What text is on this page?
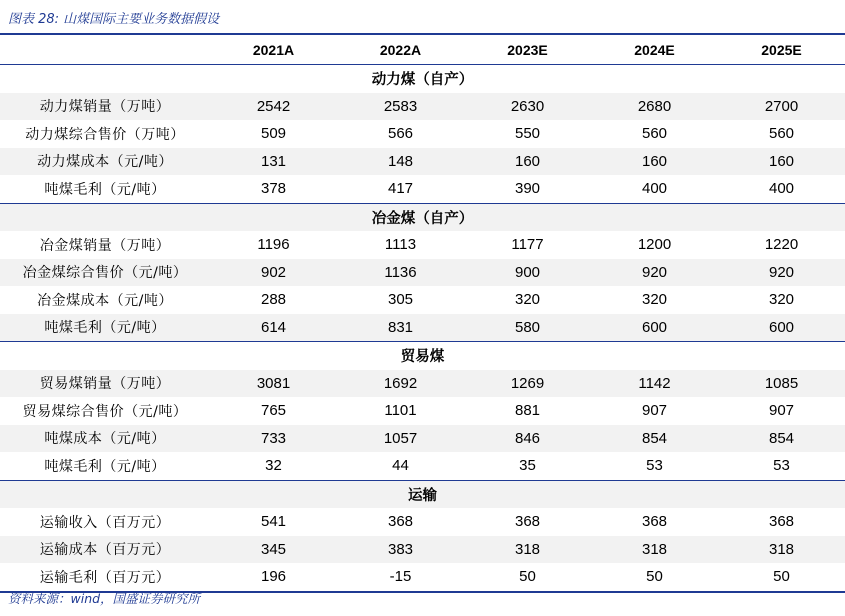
图表 28: 山煤国际主要业务数据假设
	2021A	2022A	2023E	2024E	2025E
动力煤（自产）					
动力煤销量（万吨）	2542	2583	2630	2680	2700
动力煤综合售价（万吨）	509	566	550	560	560
动力煤成本（元/吨）	131	148	160	160	160
吨煤毛利（元/吨）	378	417	390	400	400
冶金煤（自产）					
冶金煤销量（万吨）	1196	1113	1177	1200	1220
冶金煤综合售价（元/吨）	902	1136	900	920	920
冶金煤成本（元/吨）	288	305	320	320	320
吨煤毛利（元/吨）	614	831	580	600	600
贸易煤					
贸易煤销量（万吨）	3081	1692	1269	1142	1085
贸易煤综合售价（元/吨）	765	1101	881	907	907
吨煤成本（元/吨）	733	1057	846	854	854
吨煤毛利（元/吨）	32	44	35	53	53
运输					
运输收入（百万元）	541	368	368	368	368
运输成本（百万元）	345	383	318	318	318
运输毛利（百万元）	196	-15	50	50	50
资料来源：wind，国盛证券研究所
